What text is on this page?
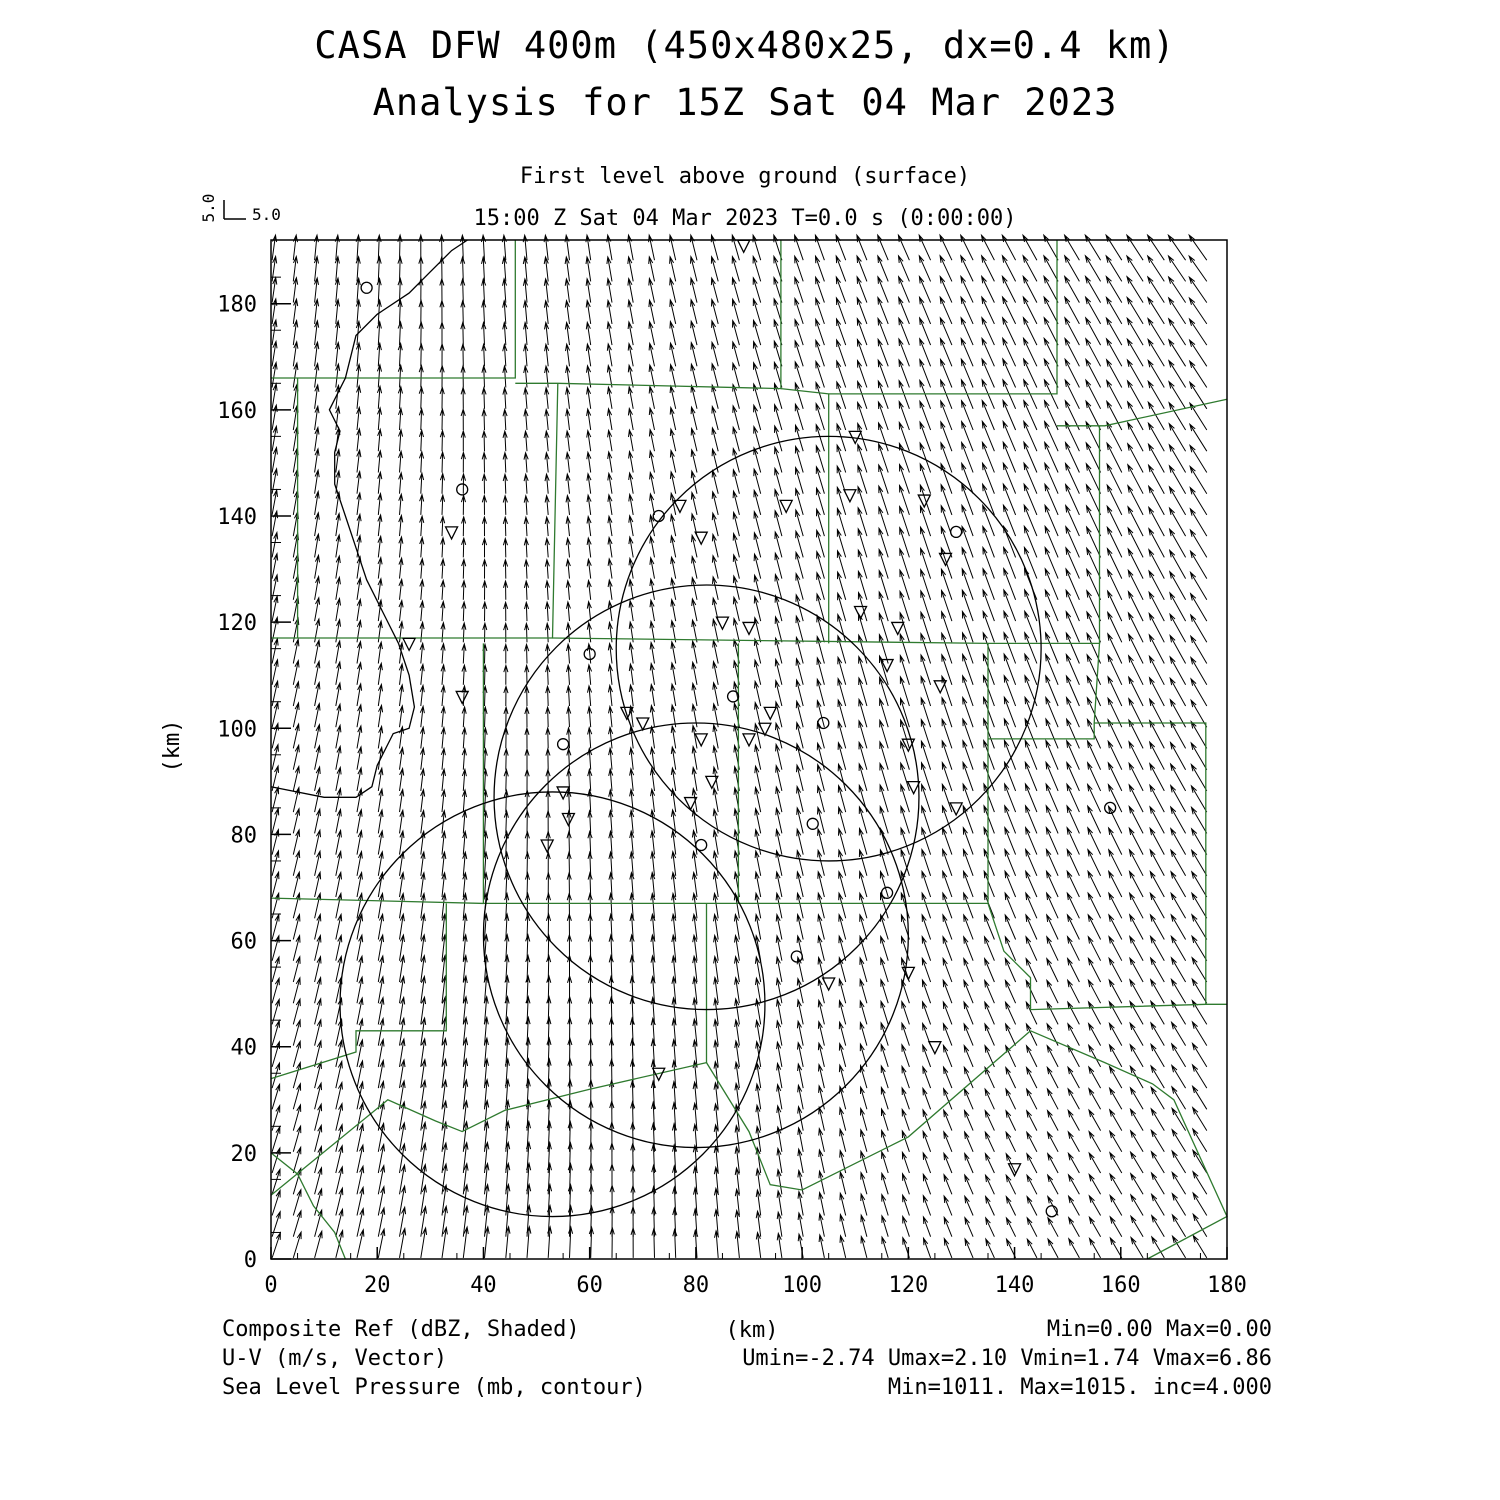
CASA DFW 400m (450x480x25, dx=0.4 km)
Analysis for 15Z Sat 04 Mar 2023
First level above ground (surface)
15:00 Z Sat 04 Mar 2023 T=0.0 s (0:00:00)
5.0 5.0
0	20	40	60	80	100	120	140	160	180
0
20
40
60
80
100
120
140
160
180
(km)
(km)
Composite Ref (dBZ, Shaded)
U-V (m/s, Vector)
Sea Level Pressure (mb, contour)
Min=0.00 Max=0.00
Umin=-2.74 Umax=2.10 Vmin=1.74 Vmax=6.86
Min=1011. Max=1015. inc=4.000
